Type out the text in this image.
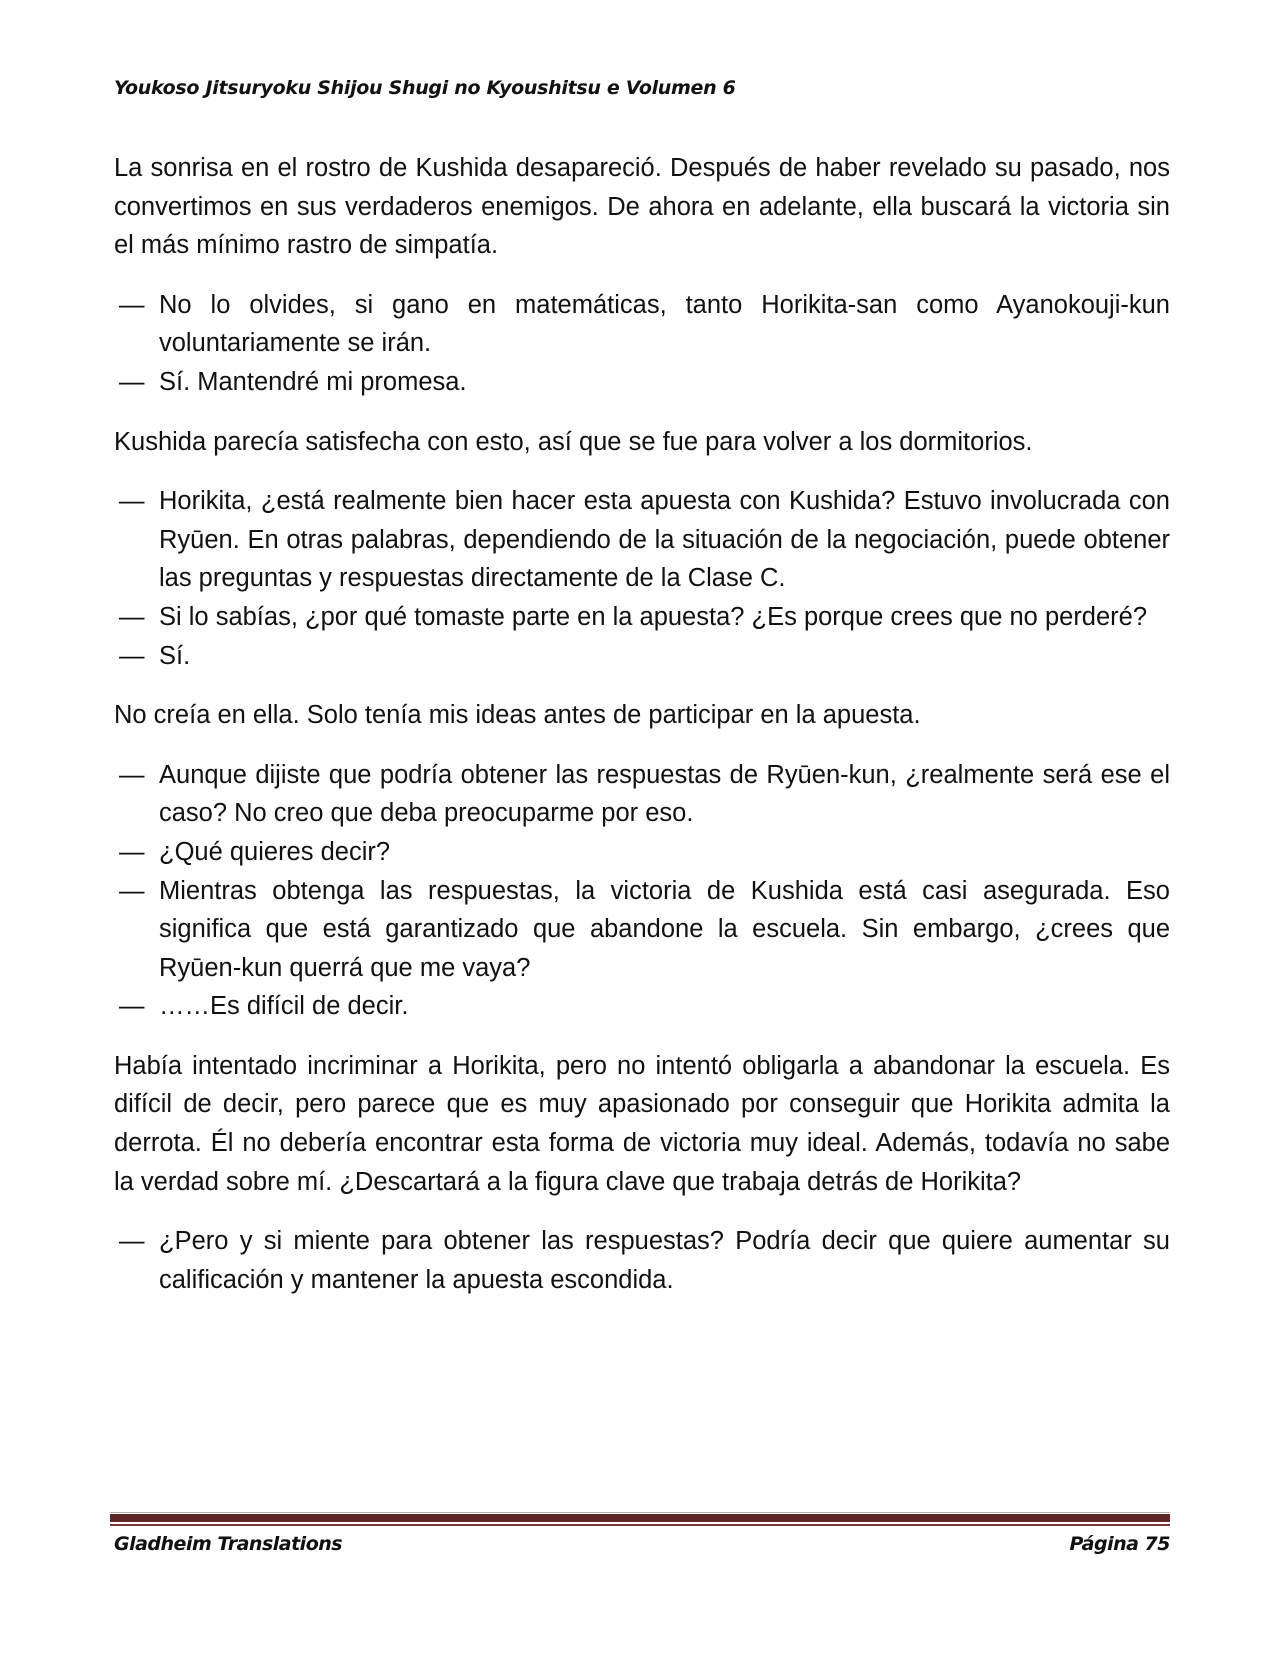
Youkoso Jitsuryoku Shijou Shugi no Kyoushitsu e Volumen 6

La sonrisa en el rostro de Kushida desapareció. Después de haber revelado su pasado, nos convertimos en sus verdaderos enemigos. De ahora en adelante, ella buscará la victoria sin el más mínimo rastro de simpatía.

— No lo olvides, si gano en matemáticas, tanto Horikita-san como Ayanokouji-kun voluntariamente se irán.

— Sí. Mantendré mi promesa.

Kushida parecía satisfecha con esto, así que se fue para volver a los dormitorios.

— Horikita, ¿está realmente bien hacer esta apuesta con Kushida? Estuvo involucrada con Ryūen. En otras palabras, dependiendo de la situación de la negociación, puede obtener las preguntas y respuestas directamente de la Clase C.

— Si lo sabías, ¿por qué tomaste parte en la apuesta? ¿Es porque crees que no perderé?

— Sí.

No creía en ella. Solo tenía mis ideas antes de participar en la apuesta.

— Aunque dijiste que podría obtener las respuestas de Ryūen-kun, ¿realmente será ese el caso? No creo que deba preocuparme por eso.

— ¿Qué quieres decir?

— Mientras obtenga las respuestas, la victoria de Kushida está casi asegurada. Eso significa que está garantizado que abandone la escuela. Sin embargo, ¿crees que Ryūen-kun querrá que me vaya?

— ……Es difícil de decir.

Había intentado incriminar a Horikita, pero no intentó obligarla a abandonar la escuela. Es difícil de decir, pero parece que es muy apasionado por conseguir que Horikita admita la derrota. Él no debería encontrar esta forma de victoria muy ideal. Además, todavía no sabe la verdad sobre mí. ¿Descartará a la figura clave que trabaja detrás de Horikita?

— ¿Pero y si miente para obtener las respuestas? Podría decir que quiere aumentar su calificación y mantener la apuesta escondida.

Gladheim Translations	Página 75
